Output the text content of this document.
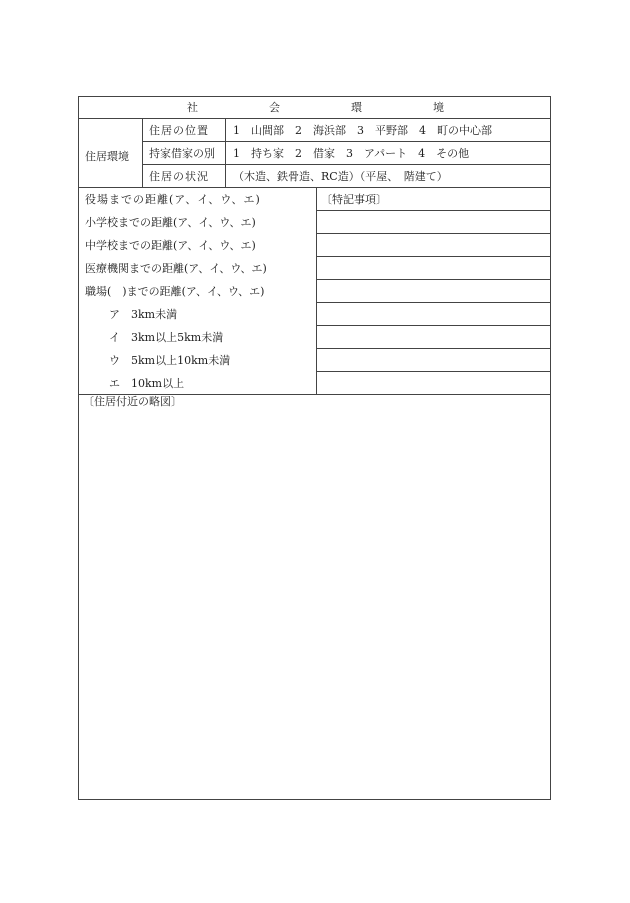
社	会	環	境
住居環境
住居の位置 1　山間部　2　海浜部　3　平野部　4　町の中心部
持家借家の別 1　持ち家　2　借家　3　アパート　4　その他
住居の状況 （木造、鉄骨造、RC造）（平屋、　階建て）
役場までの距離(ア、イ、ウ、エ)
小学校までの距離(ア、イ、ウ、エ)
中学校までの距離(ア、イ、ウ、エ)
医療機関までの距離(ア、イ、ウ、エ)
職場(　)までの距離(ア、イ、ウ、エ)
ア 3km未満
イ 3km以上5km未満
ウ 5km以上10km未満
エ 10km以上
〔特記事項〕
〔住居付近の略図〕
